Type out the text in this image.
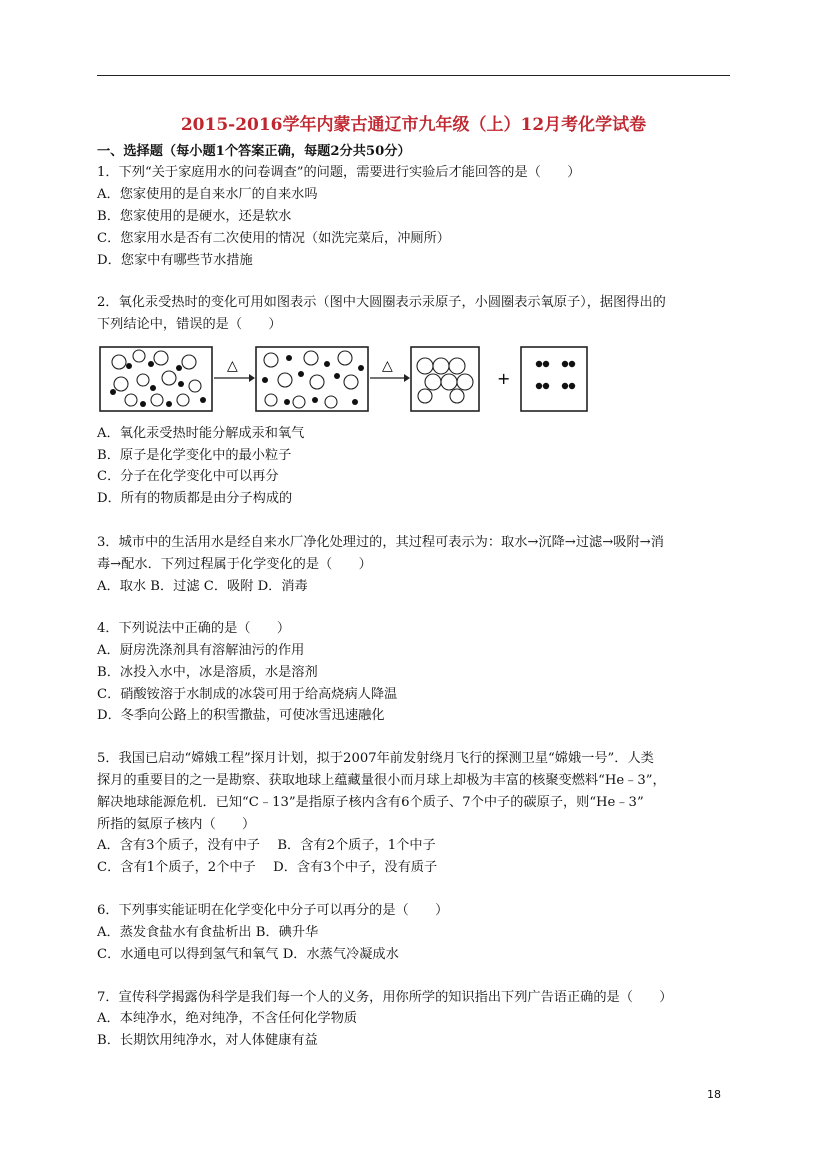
2015-2016学年内蒙古通辽市九年级（上）12月考化学试卷
一、选择题（每小题1个答案正确，每题2分共50分）
1．下列“关于家庭用水的问卷调查”的问题，需要进行实验后才能回答的是（　　）
A．您家使用的是自来水厂的自来水吗
B．您家使用的是硬水，还是软水
C．您家用水是否有二次使用的情况（如洗完菜后，冲厕所）
D．您家中有哪些节水措施
2．氧化汞受热时的变化可用如图表示（图中大圆圈表示汞原子，小圆圈表示氧原子），据图得出的
下列结论中，错误的是（　　）
△	△
+
A．氧化汞受热时能分解成汞和氧气
B．原子是化学变化中的最小粒子
C．分子在化学变化中可以再分
D．所有的物质都是由分子构成的
3．城市中的生活用水是经自来水厂净化处理过的，其过程可表示为：取水→沉降→过滤→吸附→消
毒→配水．下列过程属于化学变化的是（　　）
A．取水 B．过滤 C．吸附 D．消毒
4．下列说法中正确的是（　　）
A．厨房洗涤剂具有溶解油污的作用
B．冰投入水中，冰是溶质，水是溶剂
C．硝酸铵溶于水制成的冰袋可用于给高烧病人降温
D．冬季向公路上的积雪撒盐，可使冰雪迅速融化
5．我国已启动“嫦娥工程”探月计划，拟于2007年前发射绕月飞行的探测卫星“嫦娥一号”．人类
探月的重要目的之一是勘察、获取地球上蕴藏量很小而月球上却极为丰富的核聚变燃料“He﹣3”，
解决地球能源危机．已知“C﹣13”是指原子核内含有6个质子、7个中子的碳原子，则“He﹣3”
所指的氦原子核内（　　）
A．含有3个质子，没有中子　 B．含有2个质子，1个中子
C．含有1个质子，2个中子　 D．含有3个中子，没有质子
6．下列事实能证明在化学变化中分子可以再分的是（　　）
A．蒸发食盐水有食盐析出 B．碘升华
C．水通电可以得到氢气和氧气 D．水蒸气冷凝成水
7．宣传科学揭露伪科学是我们每一个人的义务，用你所学的知识指出下列广告语正确的是（　　）
A．本纯净水，绝对纯净，不含任何化学物质
B．长期饮用纯净水，对人体健康有益
18
